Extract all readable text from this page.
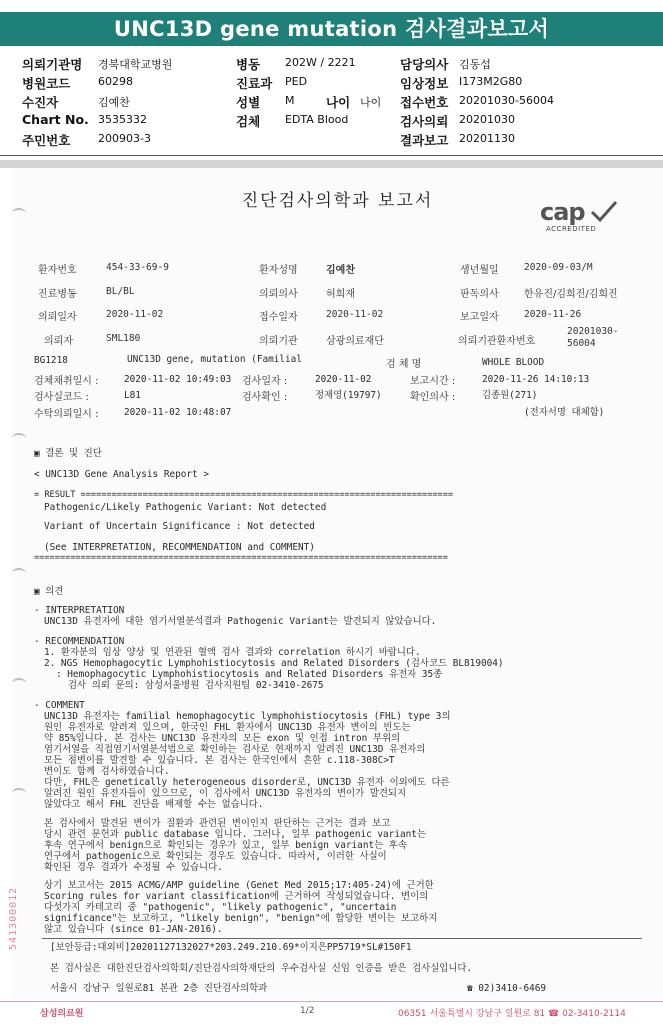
UNC13D gene mutation 검사결과보고서
의뢰기관명 경북대학교병원	병동 202W / 2221	담당의사 김동섭
병원코드	60298	진료과 PED	임상정보 I173M2G80
수진자	김예찬	성별 M	나이 나이 접수번호 20201030-56004
Chart No. 3535332	검체 EDTA Blood	검사의뢰 20201030
주민번호	200903-3	결과보고 20201130
진단검사의학과 보고서	cap
ACCREDITED
환자번호	454-33-69-9	환자성명	김예찬	생년월일	2020-09-03/M
진료병동	BL/BL	의뢰의사	허희재	판독의사	한유진/김희진/김희진
의뢰일자	2020-11-02	접수일자	2020-11-02	보고일자	2020-11-26
의뢰자	SML180	의뢰기관	삼광의료재단	의뢰기관환자번호
20201030-
56004
BG1218	UNC13D gene, mutation (Familial	검 체 명	WHOLE BLOOD
검체채취일시 :	2020-11-02 10:49:03 검사일자 :	2020-11-02	보고시간 :	2020-11-26 14:10:13
검사실코드 :	L81	검사확인 :	정제영(19797)	확인의사 :	김종원(271)
수탁의뢰일시 :	2020-11-02 10:48:07	(전자서명 대체함)
▣ 결론 및 진단
< UNC13D Gene Analysis Report >
= RESULT ========================================================================
Pathogenic/Likely Pathogenic Variant: Not detected
Variant of Uncertain Significance : Not detected
(See INTERPRETATION, RECOMMENDATION and COMMENT)
================================================================================
▣ 의견
- INTERPRETATION
UNC13D 유전자에 대한 염기서열분석결과 Pathogenic Variant는 발견되지 않았습니다.
- RECOMMENDATION
1. 환자분의 임상 양상 및 연관된 혈액 검사 결과와 correlation 하시기 바랍니다.
2. NGS Hemophagocytic Lymphohistiocytosis and Related Disorders (검사코드 BL819004)
: Hemophagocytic Lymphohistiocytosis and Related Disorders 유전자 35종
검사 의뢰 문의: 삼성서울병원 검사지원팀 02-3410-2675
- COMMENT
UNC13D 유전자는 familial hemophagocytic lymphohistiocytosis (FHL) type 3의
원인 유전자로 알려져 있으며, 한국인 FHL 환자에서 UNC13D 유전자 변이의 빈도는
약 85%입니다. 본 검사는 UNC13D 유전자의 모든 exon 및 인접 intron 부위의
염기서열을 직접염기서열분석법으로 확인하는 검사로 현재까지 알려진 UNC13D 유전자의
모든 점변이를 발견할 수 있습니다. 본 검사는 한국인에서 흔한 c.118-308C>T
변이도 함께 검사하였습니다.
다만, FHL은 genetically heterogeneous disorder로, UNC13D 유전자 이외에도 다른
알려진 원인 유전자들이 있으므로, 이 검사에서 UNC13D 유전자의 변이가 발견되지
않았다고 해서 FHL 진단을 배제할 수는 없습니다.
본 검사에서 발견된 변이가 질환과 관련된 변이인지 판단하는 근거는 결과 보고
당시 관련 문헌과 public database 입니다. 그러나, 일부 pathogenic variant는
후속 연구에서 benign으로 확인되는 경우가 있고, 일부 benign variant는 후속
연구에서 pathogenic으로 확인되는 경우도 있습니다. 따라서, 이러한 사실이
확인된 경우 결과가 수정될 수 있습니다.
상기 보고서는 2015 ACMG/AMP guideline (Genet Med 2015;17:405-24)에 근거한
Scoring rules for variant classification에 근거하여 작성되었습니다. 변이의
다섯가지 카테고리 중 "pathogenic", "likely pathogenic", "uncertain
significance"는 보고하고, "likely benign", "benign"에 합당한 변이는 보고하지
않고 있습니다 (since 01-JAN-2016).
[보안등급:대외비]20201127132027*203.249.210.69*이지은PP5719*SL#150F1
본 검사실은 대한진단검사의학회/진단검사의학재단의 우수검사실 신임 인증을 받은 검사실입니다.
서울시 강남구 일원로81 본관 2층 진단검사의학과	☎ 02)3410-6469
541300012
삼성의료원	1/2	06351 서울특별시 강남구 일원로 81 ☎ 02-3410-2114
